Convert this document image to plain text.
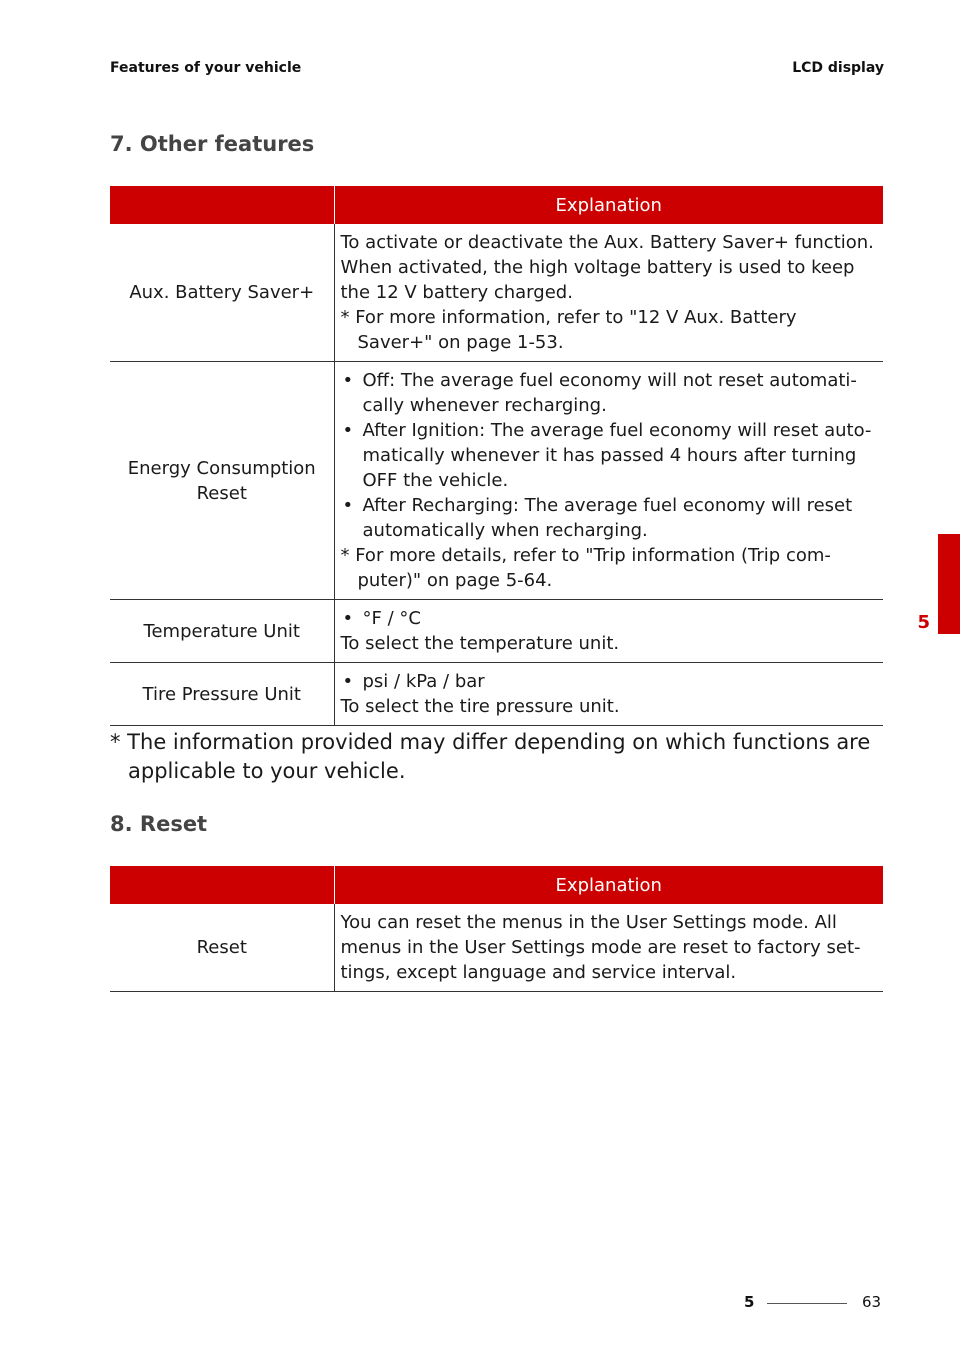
Features of your vehicle	LCD display
7. Other features
	Explanation
Aux. Battery Saver+	To activate or deactivate the Aux. Battery Saver+ function.
When activated, the high voltage battery is used to keep the 12 V battery charged.
* For more information, refer to "12 V Aux. Battery Saver+" on page 1-53.

Energy Consumption Reset	• Off: The average fuel economy will not reset automati-cally whenever recharging.
• After Ignition: The average fuel economy will reset auto-matically whenever it has passed 4 hours after turning OFF the vehicle.
• After Recharging: The average fuel economy will reset automatically when recharging.
* For more details, refer to "Trip information (Trip com-puter)" on page 5-64.

Temperature Unit	• °F / °C
To select the temperature unit.

Tire Pressure Unit	• psi / kPa / bar
To select the tire pressure unit.
* The information provided may differ depending on which functions are applicable to your vehicle.
8. Reset
	Explanation
Reset	You can reset the menus in the User Settings mode. All menus in the User Settings mode are reset to factory set-tings, except language and service interval.
5
5	63
